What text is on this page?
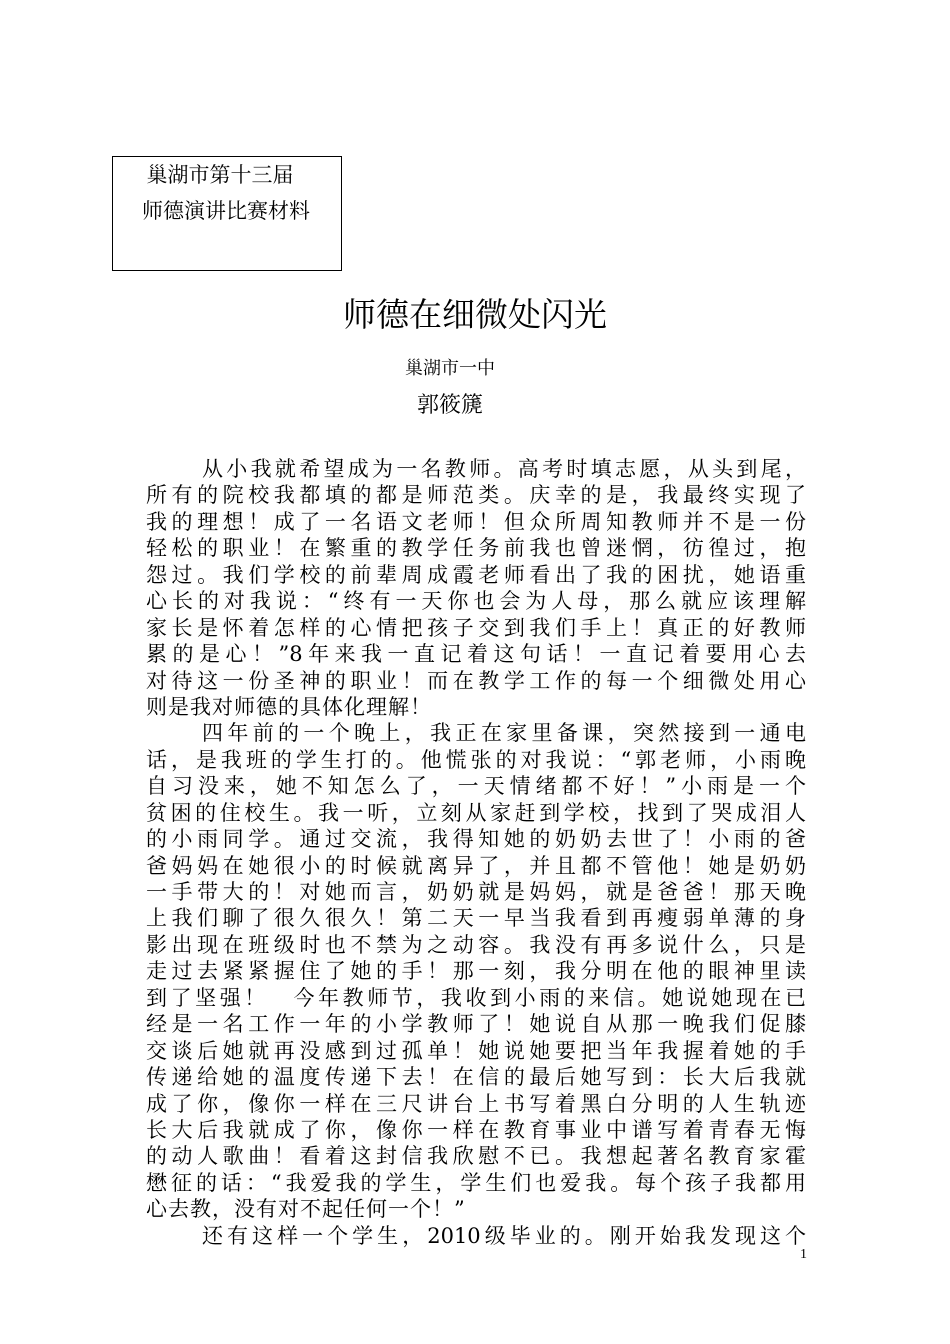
巢湖市第十三届
师德演讲比赛材料
师德在细微处闪光
巢湖市一中
郭筱篪
从小我就希望成为一名教师。高考时填志愿，从头到尾，
所有的院校我都填的都是师范类。庆幸的是，我最终实现了
我的理想！成了一名语文老师！但众所周知教师并不是一份
轻松的职业！在繁重的教学任务前我也曾迷惘，彷徨过，抱
怨过。我们学校的前辈周成霞老师看出了我的困扰，她语重
心长的对我说：“终有一天你也会为人母，那么就应该理解
家长是怀着怎样的心情把孩子交到我们手上！真正的好教师
累的是心！”8年来我一直记着这句话！一直记着要用心去
对待这一份圣神的职业！而在教学工作的每一个细微处用心
则是我对师德的具体化理解！
四年前的一个晚上，我正在家里备课，突然接到一通电
话，是我班的学生打的。他慌张的对我说：“郭老师，小雨晚
自习没来，她不知怎么了，一天情绪都不好！”小雨是一个
贫困的住校生。我一听，立刻从家赶到学校，找到了哭成泪人
的小雨同学。通过交流，我得知她的奶奶去世了！小雨的爸
爸妈妈在她很小的时候就离异了，并且都不管他！她是奶奶
一手带大的！对她而言，奶奶就是妈妈，就是爸爸！那天晚
上我们聊了很久很久！第二天一早当我看到再瘦弱单薄的身
影出现在班级时也不禁为之动容。我没有再多说什么，只是
走过去紧紧握住了她的手！那一刻，我分明在他的眼神里读
到了坚强！　今年教师节，我收到小雨的来信。她说她现在已
经是一名工作一年的小学教师了！她说自从那一晚我们促膝
交谈后她就再没感到过孤单！她说她要把当年我握着她的手
传递给她的温度传递下去！在信的最后她写到：长大后我就
成了你，像你一样在三尺讲台上书写着黑白分明的人生轨迹
长大后我就成了你，像你一样在教育事业中谱写着青春无悔
的动人歌曲！看着这封信我欣慰不已。我想起著名教育家霍
懋征的话：“我爱我的学生，学生们也爱我。每个孩子我都用
心去教，没有对不起任何一个！”
还有这样一个学生，2010级毕业的。刚开始我发现这个
1
